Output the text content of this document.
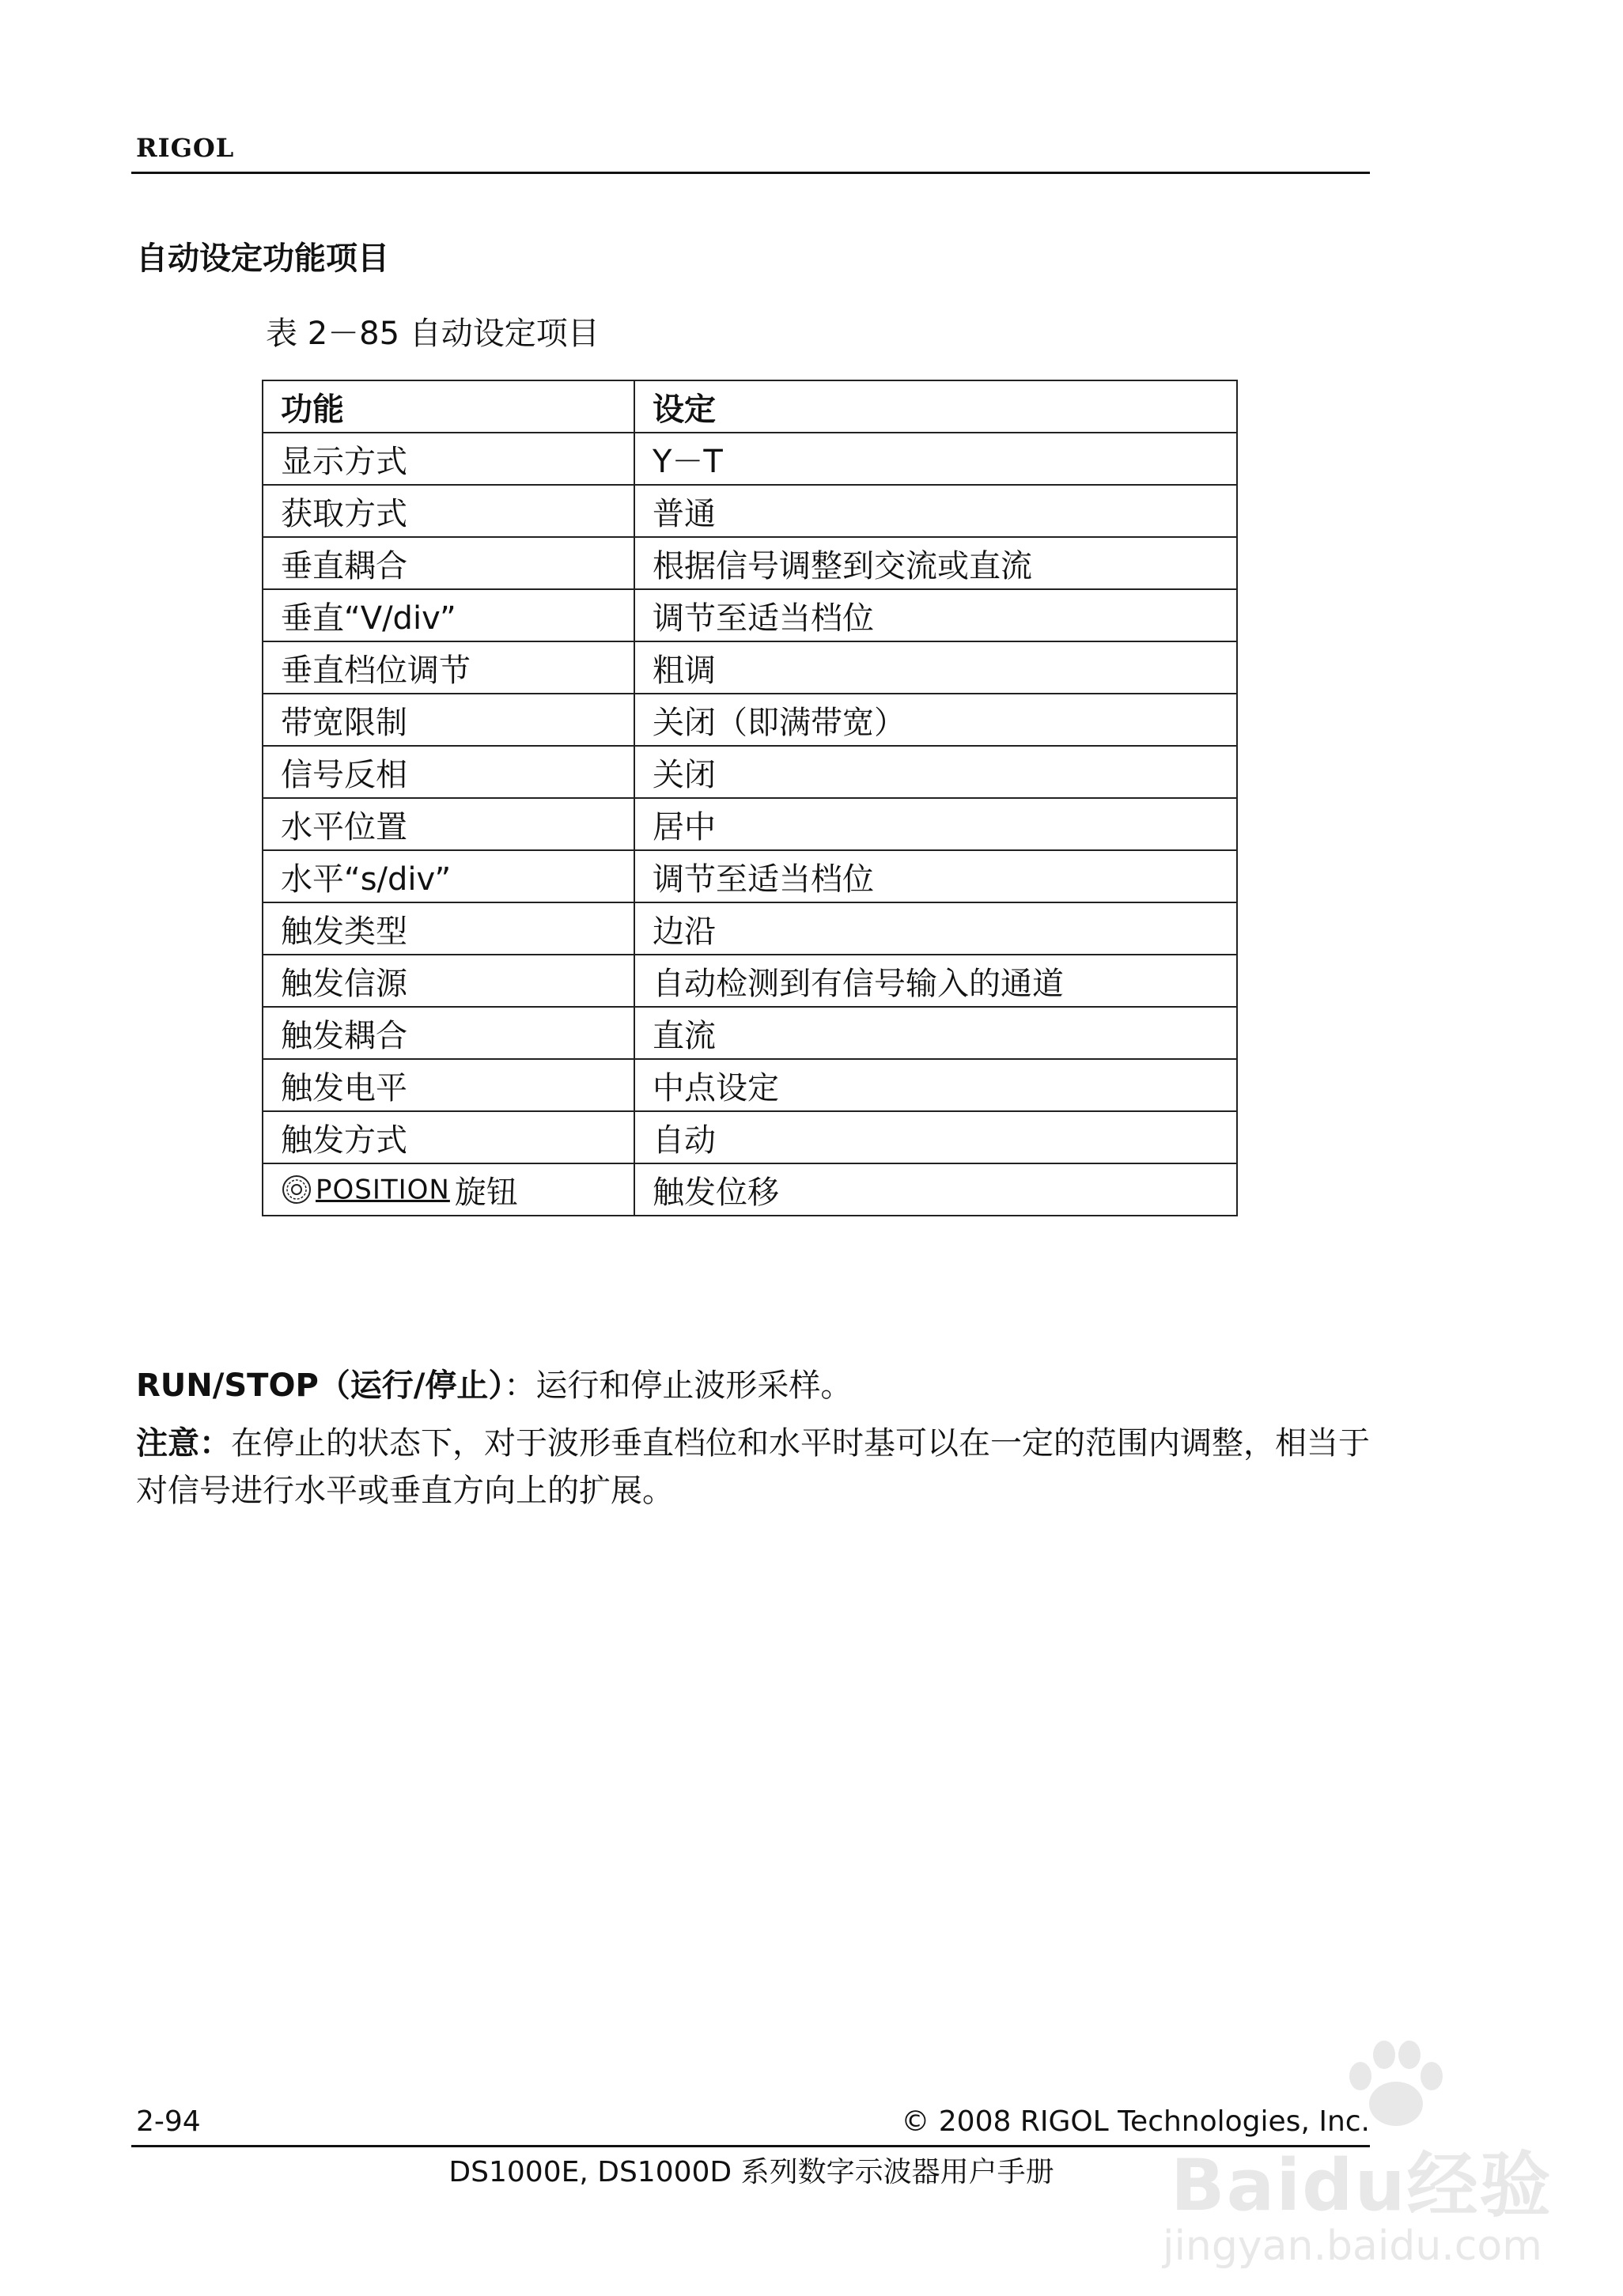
RIGOL
自动设定功能项目
表 2－85 自动设定项目
功能	设定
显示方式	Y－T
获取方式	普通
垂直耦合	根据信号调整到交流或直流
垂直“V/div”	调节至适当档位
垂直档位调节	粗调
带宽限制	关闭（即满带宽）
信号反相	关闭
水平位置	居中
水平“s/div”	调节至适当档位
触发类型	边沿
触发信源	自动检测到有信号输入的通道
触发耦合	直流
触发电平	中点设定
触发方式	自动
POSITION 旋钮	触发位移
RUN/STOP（运行/停止）：运行和停止波形采样。
注意：在停止的状态下，对于波形垂直档位和水平时基可以在一定的范围内调整，相当于对信号进行水平或垂直方向上的扩展。
2-94	© 2008 RIGOL Technologies, Inc.
DS1000E, DS1000D 系列数字示波器用户手册	Baidu经验
jingyan.baidu.com
